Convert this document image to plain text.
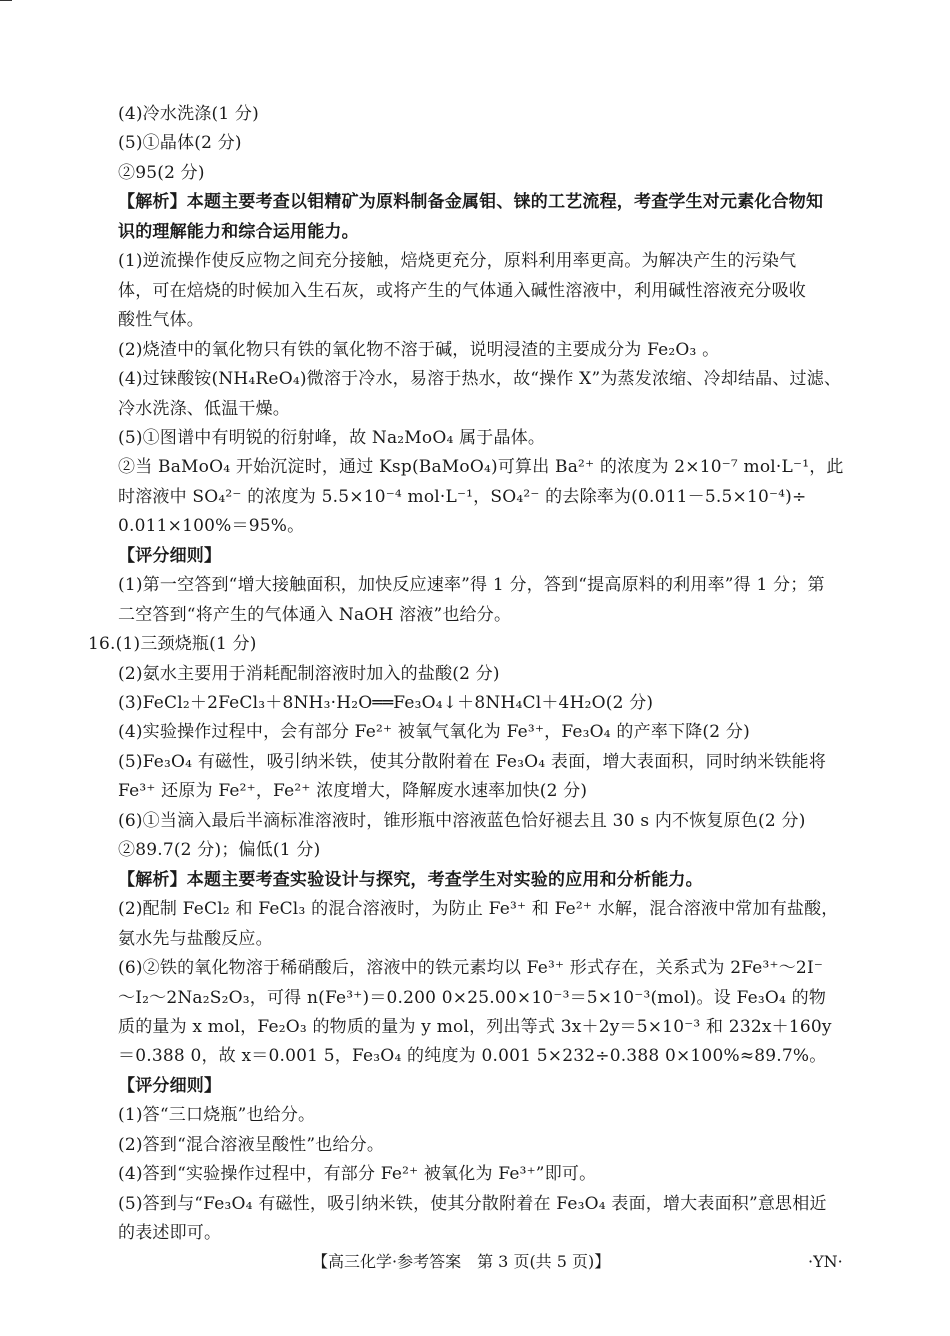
(4)冷水洗涤(1 分)
(5)①晶体(2 分)
②95(2 分)
【解析】本题主要考查以钼精矿为原料制备金属钼、铼的工艺流程，考查学生对元素化合物知
识的理解能力和综合运用能力。
(1)逆流操作使反应物之间充分接触，焙烧更充分，原料利用率更高。为解决产生的污染气
体，可在焙烧的时候加入生石灰，或将产生的气体通入碱性溶液中，利用碱性溶液充分吸收
酸性气体。
(2)烧渣中的氧化物只有铁的氧化物不溶于碱，说明浸渣的主要成分为 Fe₂O₃ 。
(4)过铼酸铵(NH₄ReO₄)微溶于冷水，易溶于热水，故“操作 X”为蒸发浓缩、冷却结晶、过滤、
冷水洗涤、低温干燥。
(5)①图谱中有明锐的衍射峰，故 Na₂MoO₄ 属于晶体。
②当 BaMoO₄ 开始沉淀时，通过 Ksp(BaMoO₄)可算出 Ba²⁺ 的浓度为 2×10⁻⁷ mol·L⁻¹，此
时溶液中 SO₄²⁻ 的浓度为 5.5×10⁻⁴ mol·L⁻¹，SO₄²⁻ 的去除率为(0.011－5.5×10⁻⁴)÷
0.011×100%＝95%。
【评分细则】
(1)第一空答到“增大接触面积，加快反应速率”得 1 分，答到“提高原料的利用率”得 1 分；第
二空答到“将产生的气体通入 NaOH 溶液”也给分。
16.(1)三颈烧瓶(1 分)
(2)氨水主要用于消耗配制溶液时加入的盐酸(2 分)
(3)FeCl₂＋2FeCl₃＋8NH₃·H₂O══Fe₃O₄↓＋8NH₄Cl＋4H₂O(2 分)
(4)实验操作过程中，会有部分 Fe²⁺ 被氧气氧化为 Fe³⁺，Fe₃O₄ 的产率下降(2 分)
(5)Fe₃O₄ 有磁性，吸引纳米铁，使其分散附着在 Fe₃O₄ 表面，增大表面积，同时纳米铁能将
Fe³⁺ 还原为 Fe²⁺，Fe²⁺ 浓度增大，降解废水速率加快(2 分)
(6)①当滴入最后半滴标准溶液时，锥形瓶中溶液蓝色恰好褪去且 30 s 内不恢复原色(2 分)
②89.7(2 分)；偏低(1 分)
【解析】本题主要考查实验设计与探究，考查学生对实验的应用和分析能力。
(2)配制 FeCl₂ 和 FeCl₃ 的混合溶液时，为防止 Fe³⁺ 和 Fe²⁺ 水解，混合溶液中常加有盐酸，
氨水先与盐酸反应。
(6)②铁的氧化物溶于稀硝酸后，溶液中的铁元素均以 Fe³⁺ 形式存在，关系式为 2Fe³⁺～2I⁻
～I₂～2Na₂S₂O₃，可得 n(Fe³⁺)＝0.200 0×25.00×10⁻³＝5×10⁻³(mol)。设 Fe₃O₄ 的物
质的量为 x mol，Fe₂O₃ 的物质的量为 y mol，列出等式 3x＋2y＝5×10⁻³ 和 232x＋160y
＝0.388 0，故 x＝0.001 5，Fe₃O₄ 的纯度为 0.001 5×232÷0.388 0×100%≈89.7%。
【评分细则】
(1)答“三口烧瓶”也给分。
(2)答到“混合溶液呈酸性”也给分。
(4)答到“实验操作过程中，有部分 Fe²⁺ 被氧化为 Fe³⁺”即可。
(5)答到与“Fe₃O₄ 有磁性，吸引纳米铁，使其分散附着在 Fe₃O₄ 表面，增大表面积”意思相近
的表述即可。
【高三化学·参考答案　第 3 页(共 5 页)】	·YN·
